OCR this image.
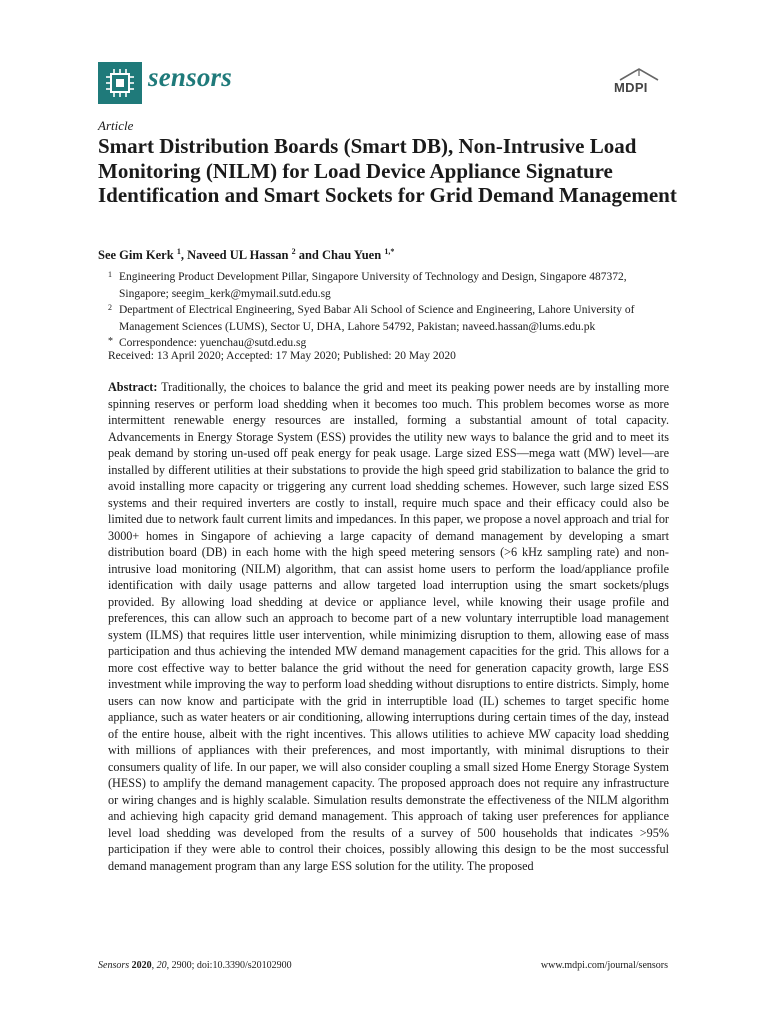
sensors	MDPI
Article
Smart Distribution Boards (Smart DB), Non-Intrusive Load Monitoring (NILM) for Load Device Appliance Signature Identification and Smart Sockets for Grid Demand Management
See Gim Kerk $^1$, Naveed UL Hassan $^2$ and Chau Yuen $^{1,*}$
1 Engineering Product Development Pillar, Singapore University of Technology and Design, Singapore 487372, Singapore; seegim_kerk@mymail.sutd.edu.sg
2 Department of Electrical Engineering, Syed Babar Ali School of Science and Engineering, Lahore University of Management Sciences (LUMS), Sector U, DHA, Lahore 54792, Pakistan; naveed.hassan@lums.edu.pk
* Correspondence: yuenchau@sutd.edu.sg
Received: 13 April 2020; Accepted: 17 May 2020; Published: 20 May 2020

Abstract: Traditionally, the choices to balance the grid and meet its peaking power needs are by installing more spinning reserves or perform load shedding when it becomes too much. This problem becomes worse as more intermittent renewable energy resources are installed, forming a substantial amount of total capacity. Advancements in Energy Storage System (ESS) provides the utility new ways to balance the grid and to meet its peak demand by storing un-used off peak energy for peak usage. Large sized ESS—mega watt (MW) level—are installed by different utilities at their substations to provide the high speed grid stabilization to balance the grid to avoid installing more capacity or triggering any current load shedding schemes. However, such large sized ESS systems and their required inverters are costly to install, require much space and their efficacy could also be limited due to network fault current limits and impedances. In this paper, we propose a novel approach and trial for 3000+ homes in Singapore of achieving a large capacity of demand management by developing a smart distribution board (DB) in each home with the high speed metering sensors (>6 kHz sampling rate) and non-intrusive load monitoring (NILM) algorithm, that can assist home users to perform the load/appliance profile identification with daily usage patterns and allow targeted load interruption using the smart sockets/plugs provided. By allowing load shedding at device or appliance level, while knowing their usage profile and preferences, this can allow such an approach to become part of a new voluntary interruptible load management system (ILMS) that requires little user intervention, while minimizing disruption to them, allowing ease of mass participation and thus achieving the intended MW demand management capacities for the grid. This allows for a more cost effective way to better balance the grid without the need for generation capacity growth, large ESS investment while improving the way to perform load shedding without disruptions to entire districts. Simply, home users can now know and participate with the grid in interruptible load (IL) schemes to target specific home appliance, such as water heaters or air conditioning, allowing interruptions during certain times of the day, instead of the entire house, albeit with the right incentives. This allows utilities to achieve MW capacity load shedding with millions of appliances with their preferences, and most importantly, with minimal disruptions to their consumers quality of life. In our paper, we will also consider coupling a small sized Home Energy Storage System (HESS) to amplify the demand management capacity. The proposed approach does not require any infrastructure or wiring changes and is highly scalable. Simulation results demonstrate the effectiveness of the NILM algorithm and achieving high capacity grid demand management. This approach of taking user preferences for appliance level load shedding was developed from the results of a survey of 500 households that indicates >95% participation if they were able to control their choices, possibly allowing this design to be the most successful demand management program than any large ESS solution for the utility. The proposed

Sensors 2020, 20, 2900; doi:10.3390/s20102900	www.mdpi.com/journal/sensors
